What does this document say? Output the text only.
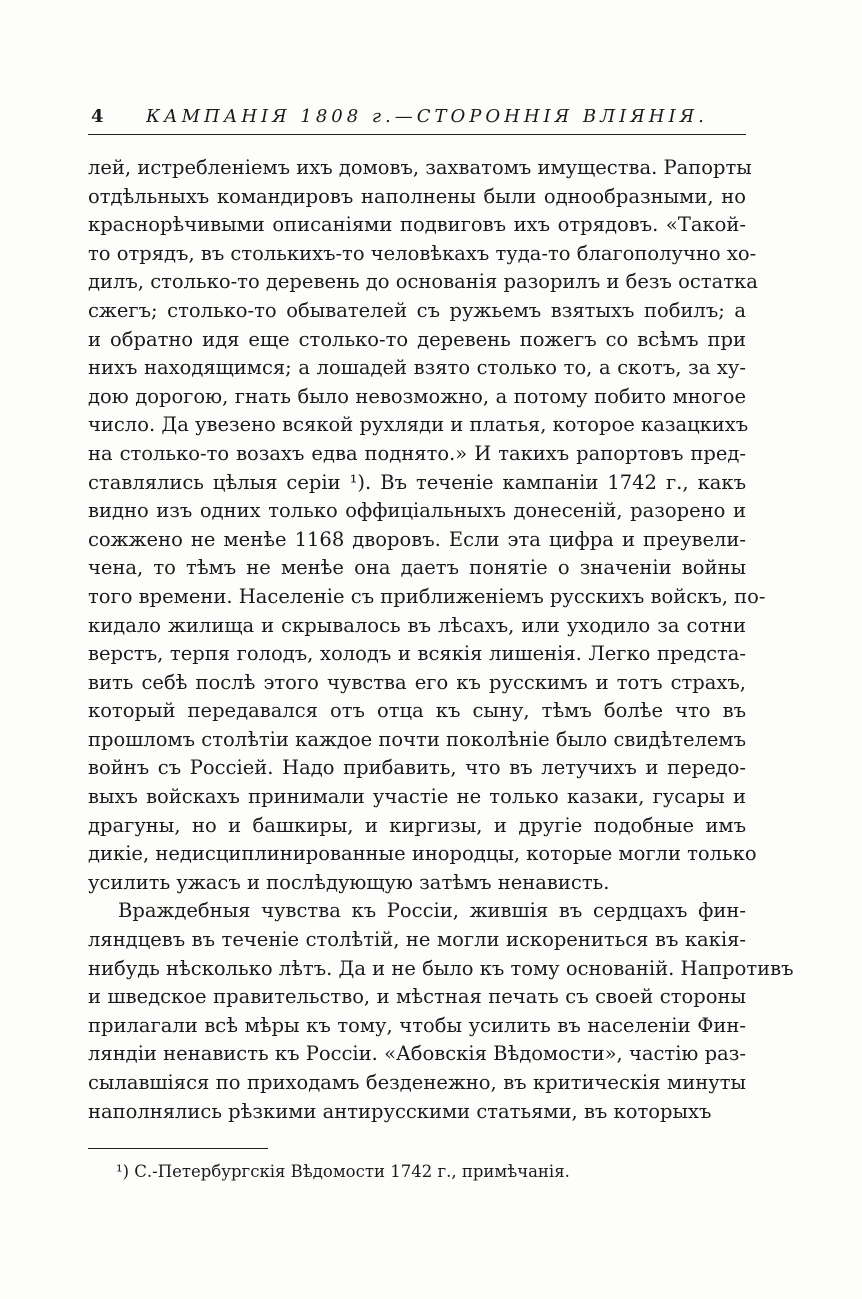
4 КАМПАНІЯ 1808 г.—СТОРОННІЯ ВЛІЯНІЯ.
лей, истребленіемъ ихъ домовъ, захватомъ имущества. Рапорты
отдѣльныхъ командировъ наполнены были однообразными, но
краснорѣчивыми описаніями подвиговъ ихъ отрядовъ. «Такой-
то отрядъ, въ столькихъ-то человѣкахъ туда-то благополучно хо-
дилъ, столько-то деревень до основанія разорилъ и безъ остатка
сжегъ; столько-то обывателей съ ружьемъ взятыхъ побилъ; а
и обратно идя еще столько-то деревень пожегъ со всѣмъ при
нихъ находящимся; а лошадей взято столько то, а скотъ, за ху-
дою дорогою, гнать было невозможно, а потому побито многое
число. Да увезено всякой рухляди и платья, которое казацкихъ
на столько-то возахъ едва поднято.» И такихъ рапортовъ пред-
ставлялись цѣлыя серіи ¹). Въ теченіе кампаніи 1742 г., какъ
видно изъ одних только оффиціальныхъ донесеній, разорено и
сожжено не менѣе 1168 дворовъ. Если эта цифра и преувели-
чена, то тѣмъ не менѣе она даетъ понятіе о значеніи войны
того времени. Населеніе съ приближеніемъ русскихъ войскъ, по-
кидало жилища и скрывалось въ лѣсахъ, или уходило за сотни
верстъ, терпя голодъ, холодъ и всякія лишенія. Легко предста-
вить себѣ послѣ этого чувства его къ русскимъ и тотъ страхъ,
который передавался отъ отца къ сыну, тѣмъ болѣе что въ
прошломъ столѣтіи каждое почти поколѣніе было свидѣтелемъ
войнъ съ Россіей. Надо прибавить, что въ летучихъ и передо-
выхъ войскахъ принимали участіе не только казаки, гусары и
драгуны, но и башкиры, и киргизы, и другіе подобные имъ
дикіе, недисциплинированные инородцы, которые могли только
усилить ужасъ и послѣдующую затѣмъ ненависть.
Враждебныя чувства къ Россіи, жившія въ сердцахъ фин-
ляндцевъ въ теченіе столѣтій, не могли искорениться въ какія-
нибудь нѣсколько лѣтъ. Да и не было къ тому основаній. Напротивъ
и шведское правительство, и мѣстная печать съ своей стороны
прилагали всѣ мѣры къ тому, чтобы усилить въ населеніи Фин-
ляндіи ненависть къ Россіи. «Абовскія Вѣдомости», частію раз-
сылавшіяся по приходамъ безденежно, въ критическія минуты
наполнялись рѣзкими антирусскими статьями, въ которыхъ
¹) С.-Петербургскія Вѣдомости 1742 г., примѣчанія.
